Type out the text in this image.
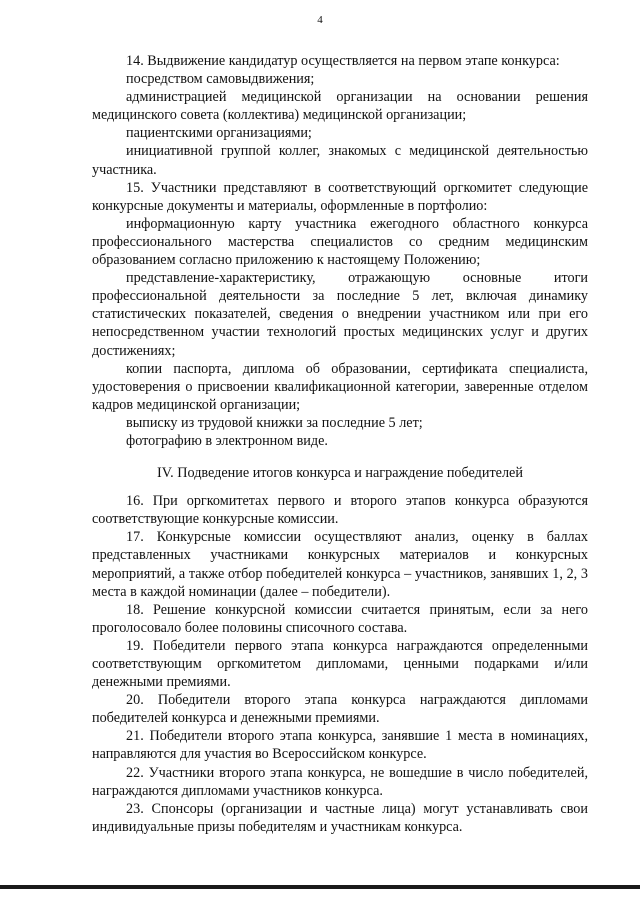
4

14. Выдвижение кандидатур осуществляется на первом этапе конкурса:

посредством самовыдвижения;

администрацией медицинской организации на основании решения медицинского совета (коллектива) медицинской организации;

пациентскими организациями;

инициативной группой коллег, знакомых с медицинской деятельностью участника.

15. Участники представляют в соответствующий оргкомитет следующие конкурсные документы и материалы, оформленные в портфолио:

информационную карту участника ежегодного областного конкурса профессионального мастерства специалистов со средним медицинским образованием согласно приложению к настоящему Положению;

представление-характеристику, отражающую основные итоги профессиональной деятельности за последние 5 лет, включая динамику статистических показателей, сведения о внедрении участником или при его непосредственном участии технологий простых медицинских услуг и других достижениях;

копии паспорта, диплома об образовании, сертификата специалиста, удостоверения о присвоении квалификационной категории, заверенные отделом кадров медицинской организации;

выписку из трудовой книжки за последние 5 лет;

фотографию в электронном виде.

IV. Подведение итогов конкурса и награждение победителей

16. При оргкомитетах первого и второго этапов конкурса образуются соответствующие конкурсные комиссии.

17. Конкурсные комиссии осуществляют анализ, оценку в баллах представленных участниками конкурсных материалов и конкурсных мероприятий, а также отбор победителей конкурса – участников, занявших 1, 2, 3 места в каждой номинации (далее – победители).

18. Решение конкурсной комиссии считается принятым, если за него проголосовало более половины списочного состава.

19. Победители первого этапа конкурса награждаются определенными соответствующим оргкомитетом дипломами, ценными подарками и/или денежными премиями.

20. Победители второго этапа конкурса награждаются дипломами победителей конкурса и денежными премиями.

21. Победители второго этапа конкурса, занявшие 1 места в номинациях, направляются для участия во Всероссийском конкурсе.

22. Участники второго этапа конкурса, не вошедшие в число победителей, награждаются дипломами участников конкурса.

23. Спонсоры (организации и частные лица) могут устанавливать свои индивидуальные призы победителям и участникам конкурса.
